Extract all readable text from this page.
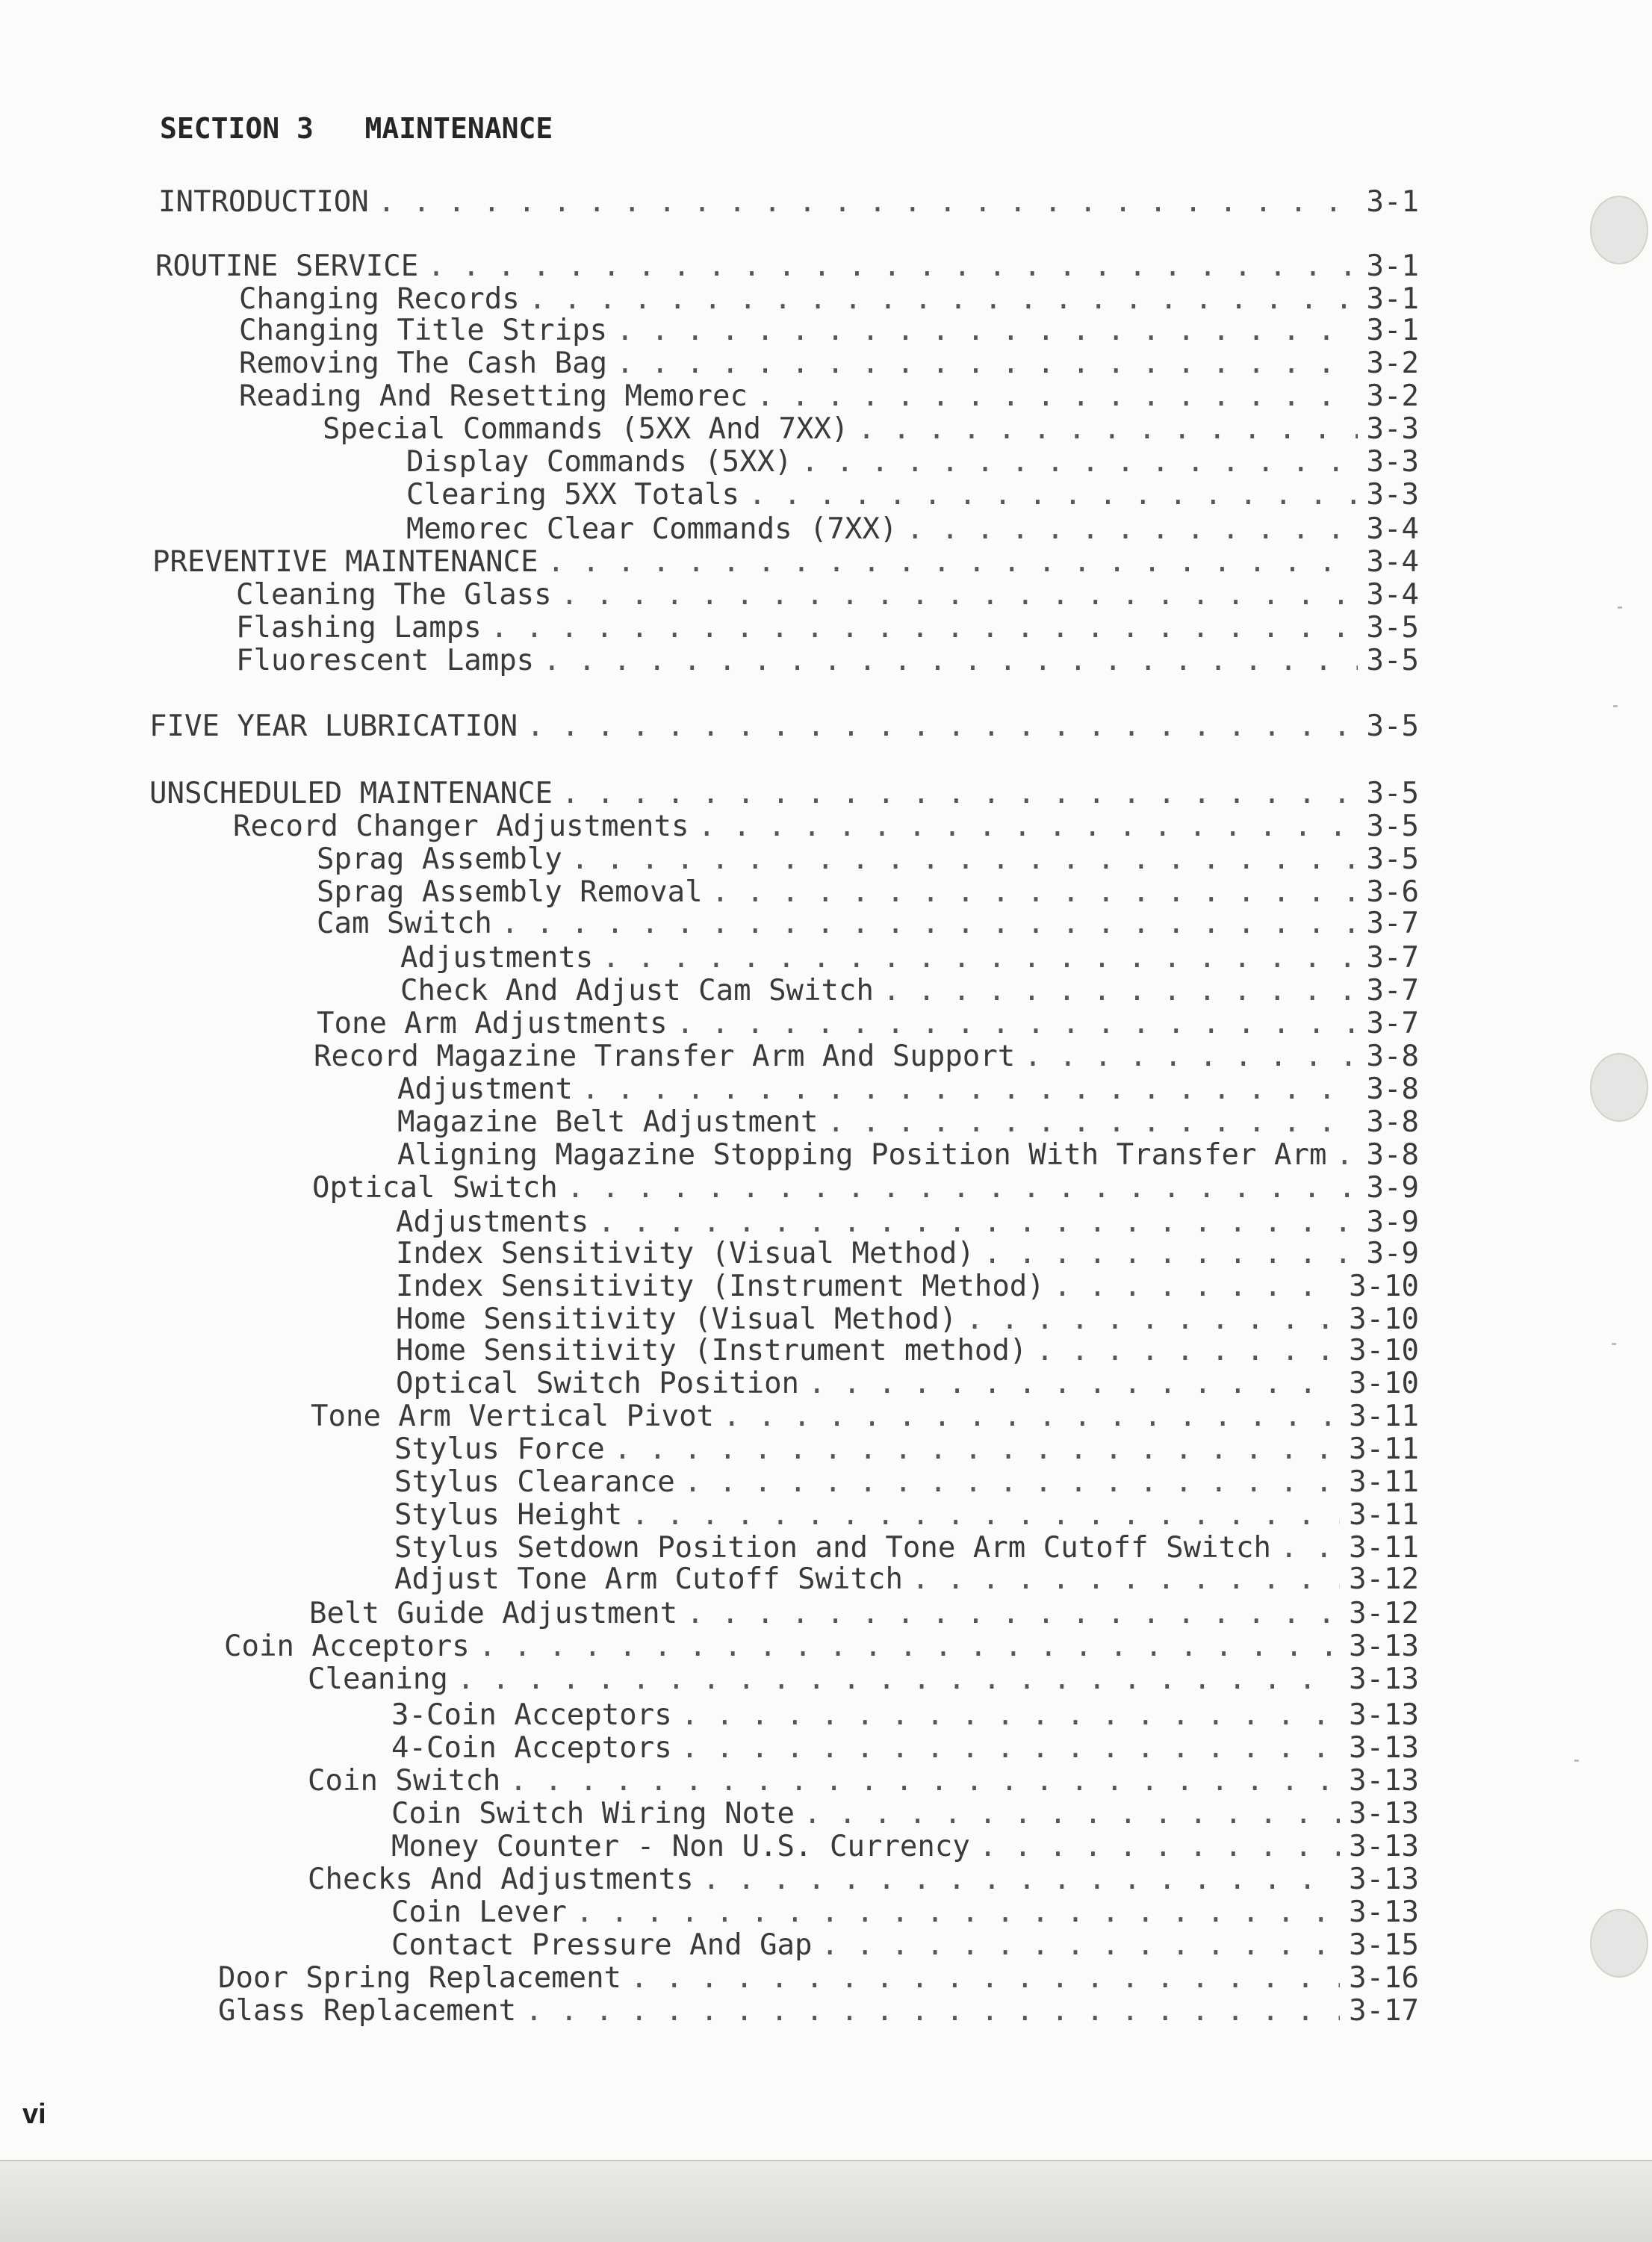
SECTION 3 MAINTENANCE
INTRODUCTION . . .	3-1
ROUTINE SERVICE . . .	3-1
Changing Records . . .	3-1
Changing Title Strips . . .	3-1
Removing The Cash Bag . . .	3-2
Reading And Resetting Memorec . . .	3-2
Special Commands (5XX And 7XX) . . .	3-3
Display Commands (5XX) . . .	3-3
Clearing 5XX Totals . . .	3-3
Memorec Clear Commands (7XX) . . .	3-4
PREVENTIVE MAINTENANCE . . .	3-4
Cleaning The Glass . . .	3-4
Flashing Lamps . . .	3-5
Fluorescent Lamps . . .	3-5
FIVE YEAR LUBRICATION . . .	3-5
UNSCHEDULED MAINTENANCE . . .	3-5
Record Changer Adjustments . . .	3-5
Sprag Assembly . . .	3-5
Sprag Assembly Removal . . .	3-6
Cam Switch . . .	3-7
Adjustments . . .	3-7
Check And Adjust Cam Switch . . .	3-7
Tone Arm Adjustments . . .	3-7
Record Magazine Transfer Arm And Support . . .	3-8
Adjustment . . .	3-8
Magazine Belt Adjustment . . .	3-8
Aligning Magazine Stopping Position With Transfer Arm . . . 3-8
Optical Switch . . .	3-9
Adjustments . . .	3-9
Index Sensitivity (Visual Method) . . .	3-9
Index Sensitivity (Instrument Method) . . .	3-10
Home Sensitivity (Visual Method) . . .	3-10
Home Sensitivity (Instrument method) . . .	3-10
Optical Switch Position . . .	3-10
Tone Arm Vertical Pivot . . .	3-11
Stylus Force . . .	3-11
Stylus Clearance . . .	3-11
Stylus Height . . .	3-11
Stylus Setdown Position and Tone Arm Cutoff Switch . . .	3-11
Adjust Tone Arm Cutoff Switch . . .	3-12
Belt Guide Adjustment . . .	3-12
Coin Acceptors . . .	3-13
Cleaning . . .	3-13
3-Coin Acceptors . . .	3-13
4-Coin Acceptors . . .	3-13
Coin Switch . . .	3-13
Coin Switch Wiring Note . . .	3-13
Money Counter - Non U.S. Currency . . .	3-13
Checks And Adjustments . . .	3-13
Coin Lever . . .	3-13
Contact Pressure And Gap . . .	3-15
Door Spring Replacement . . .	3-16
Glass Replacement . . .	3-17
vi
